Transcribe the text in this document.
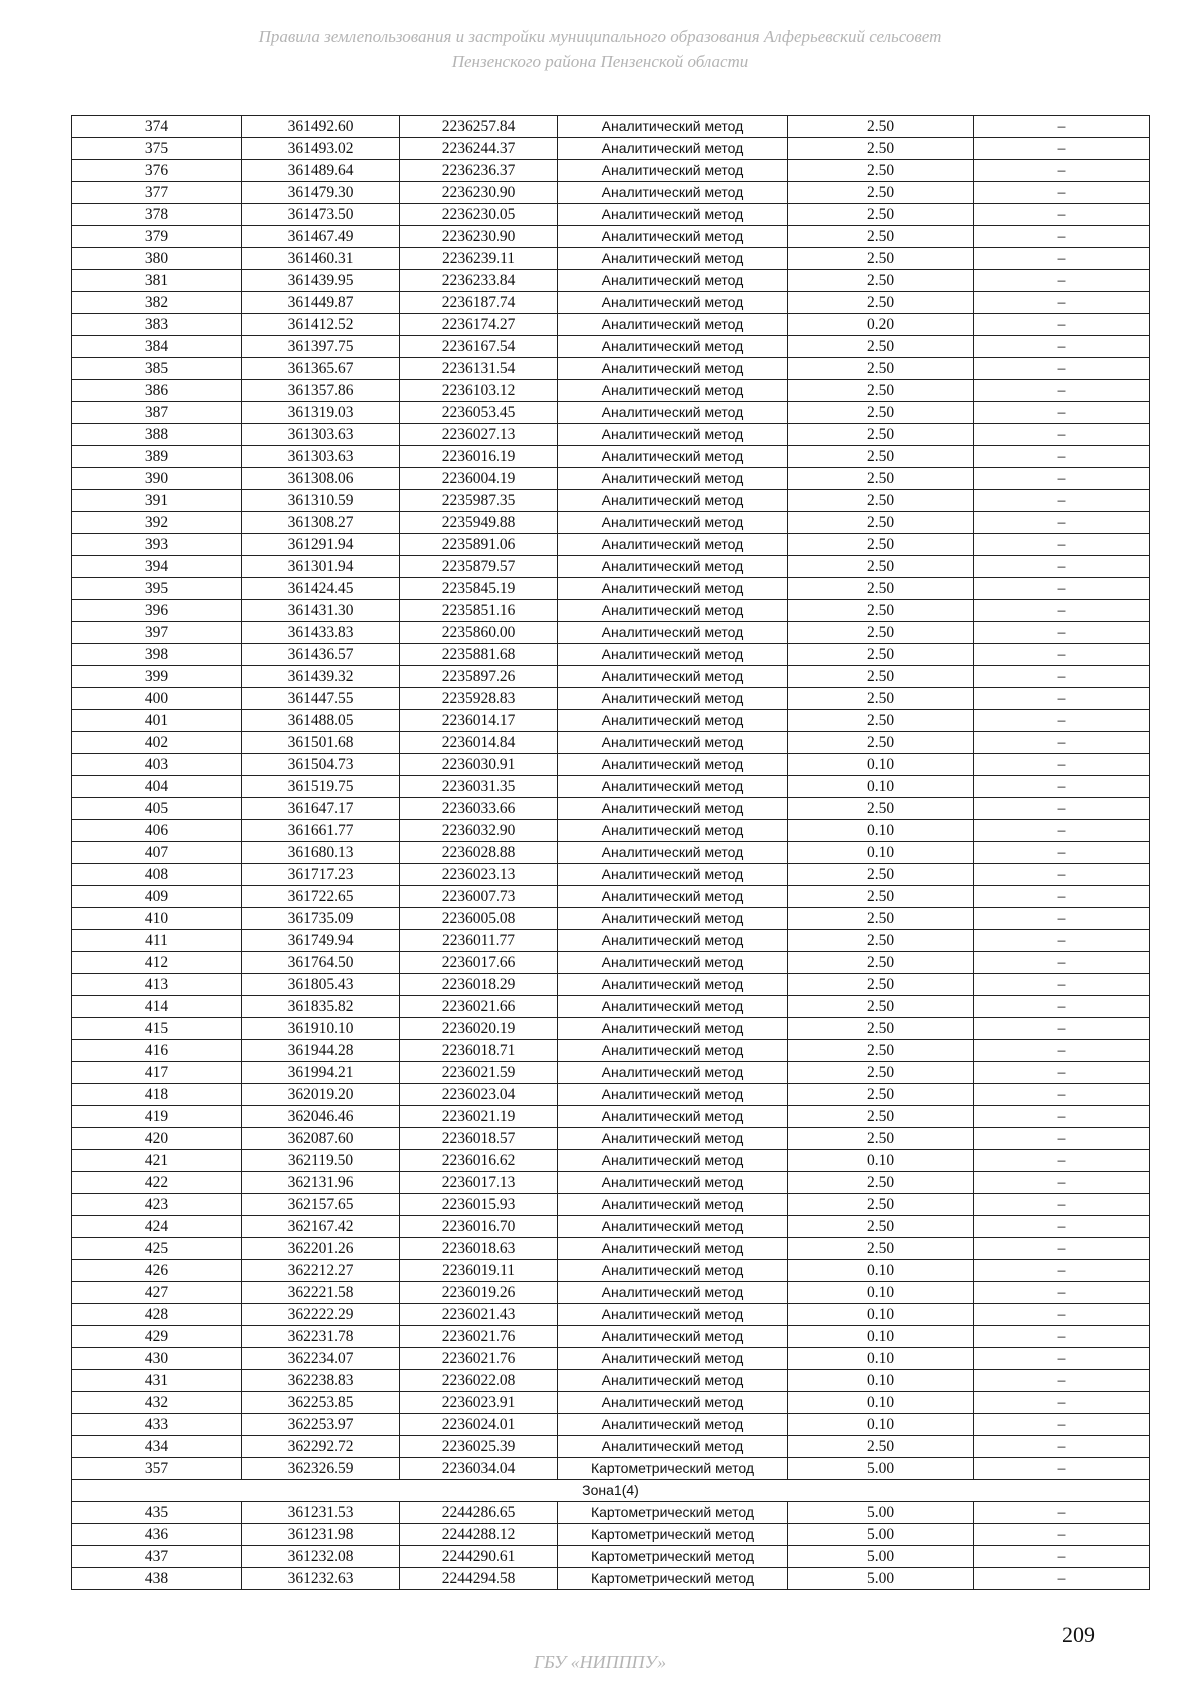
Правила землепользования и застройки муниципального образования Алферьевский сельсовет
Пензенского района Пензенской области
374	361492.60	2236257.84	Аналитический метод	2.50	–
375	361493.02	2236244.37	Аналитический метод	2.50	–
376	361489.64	2236236.37	Аналитический метод	2.50	–
377	361479.30	2236230.90	Аналитический метод	2.50	–
378	361473.50	2236230.05	Аналитический метод	2.50	–
379	361467.49	2236230.90	Аналитический метод	2.50	–
380	361460.31	2236239.11	Аналитический метод	2.50	–
381	361439.95	2236233.84	Аналитический метод	2.50	–
382	361449.87	2236187.74	Аналитический метод	2.50	–
383	361412.52	2236174.27	Аналитический метод	0.20	–
384	361397.75	2236167.54	Аналитический метод	2.50	–
385	361365.67	2236131.54	Аналитический метод	2.50	–
386	361357.86	2236103.12	Аналитический метод	2.50	–
387	361319.03	2236053.45	Аналитический метод	2.50	–
388	361303.63	2236027.13	Аналитический метод	2.50	–
389	361303.63	2236016.19	Аналитический метод	2.50	–
390	361308.06	2236004.19	Аналитический метод	2.50	–
391	361310.59	2235987.35	Аналитический метод	2.50	–
392	361308.27	2235949.88	Аналитический метод	2.50	–
393	361291.94	2235891.06	Аналитический метод	2.50	–
394	361301.94	2235879.57	Аналитический метод	2.50	–
395	361424.45	2235845.19	Аналитический метод	2.50	–
396	361431.30	2235851.16	Аналитический метод	2.50	–
397	361433.83	2235860.00	Аналитический метод	2.50	–
398	361436.57	2235881.68	Аналитический метод	2.50	–
399	361439.32	2235897.26	Аналитический метод	2.50	–
400	361447.55	2235928.83	Аналитический метод	2.50	–
401	361488.05	2236014.17	Аналитический метод	2.50	–
402	361501.68	2236014.84	Аналитический метод	2.50	–
403	361504.73	2236030.91	Аналитический метод	0.10	–
404	361519.75	2236031.35	Аналитический метод	0.10	–
405	361647.17	2236033.66	Аналитический метод	2.50	–
406	361661.77	2236032.90	Аналитический метод	0.10	–
407	361680.13	2236028.88	Аналитический метод	0.10	–
408	361717.23	2236023.13	Аналитический метод	2.50	–
409	361722.65	2236007.73	Аналитический метод	2.50	–
410	361735.09	2236005.08	Аналитический метод	2.50	–
411	361749.94	2236011.77	Аналитический метод	2.50	–
412	361764.50	2236017.66	Аналитический метод	2.50	–
413	361805.43	2236018.29	Аналитический метод	2.50	–
414	361835.82	2236021.66	Аналитический метод	2.50	–
415	361910.10	2236020.19	Аналитический метод	2.50	–
416	361944.28	2236018.71	Аналитический метод	2.50	–
417	361994.21	2236021.59	Аналитический метод	2.50	–
418	362019.20	2236023.04	Аналитический метод	2.50	–
419	362046.46	2236021.19	Аналитический метод	2.50	–
420	362087.60	2236018.57	Аналитический метод	2.50	–
421	362119.50	2236016.62	Аналитический метод	0.10	–
422	362131.96	2236017.13	Аналитический метод	2.50	–
423	362157.65	2236015.93	Аналитический метод	2.50	–
424	362167.42	2236016.70	Аналитический метод	2.50	–
425	362201.26	2236018.63	Аналитический метод	2.50	–
426	362212.27	2236019.11	Аналитический метод	0.10	–
427	362221.58	2236019.26	Аналитический метод	0.10	–
428	362222.29	2236021.43	Аналитический метод	0.10	–
429	362231.78	2236021.76	Аналитический метод	0.10	–
430	362234.07	2236021.76	Аналитический метод	0.10	–
431	362238.83	2236022.08	Аналитический метод	0.10	–
432	362253.85	2236023.91	Аналитический метод	0.10	–
433	362253.97	2236024.01	Аналитический метод	0.10	–
434	362292.72	2236025.39	Аналитический метод	2.50	–
357	362326.59	2236034.04	Картометрический метод	5.00	–
Зона1(4)					
435	361231.53	2244286.65	Картометрический метод	5.00	–
436	361231.98	2244288.12	Картометрический метод	5.00	–
437	361232.08	2244290.61	Картометрический метод	5.00	–
438	361232.63	2244294.58	Картометрический метод	5.00	–
209
ГБУ «НИПППУ»
